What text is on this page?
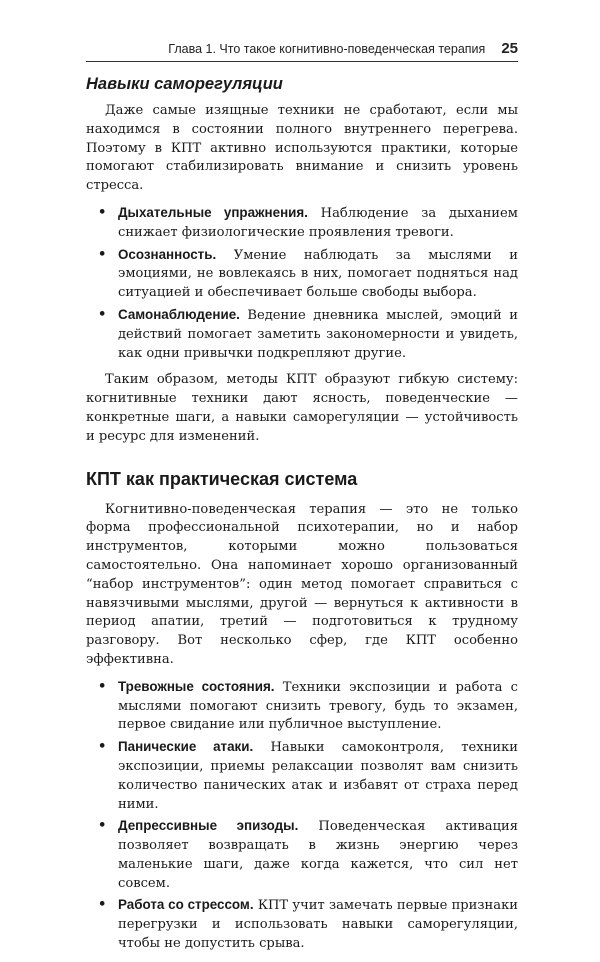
Глава 1. Что такое когнитивно-поведенческая терапия 25
Навыки саморегуляции

Даже самые изящные техники не сработают, если мы находимся в состоянии полного внутреннего перегрева. Поэтому в КПТ активно используются практики, которые помогают стабилизировать внимание и снизить уровень стресса.

• Дыхательные упражнения. Наблюдение за дыханием снижает физиологические проявления тревоги.
• Осознанность. Умение наблюдать за мыслями и эмоциями, не вовлекаясь в них, помогает подняться над ситуацией и обеспечивает больше свободы выбора.
• Самонаблюдение. Ведение дневника мыслей, эмоций и действий помогает заметить закономерности и увидеть, как одни привычки подкрепляют другие.

Таким образом, методы КПТ образуют гибкую систему: когнитивные техники дают ясность, поведенческие — конкретные шаги, а навыки саморегуляции — устойчивость и ресурс для изменений.

КПТ как практическая система

Когнитивно-поведенческая терапия — это не только форма профессиональной психотерапии, но и набор инструментов, которыми можно пользоваться самостоятельно. Она напоминает хорошо организованный “набор инструментов”: один метод помогает справиться с навязчивыми мыслями, другой — вернуться к активности в период апатии, третий — подготовиться к трудному разговору. Вот несколько сфер, где КПТ особенно эффективна.

• Тревожные состояния. Техники экспозиции и работа с мыслями помогают снизить тревогу, будь то экзамен, первое свидание или публичное выступление.
• Панические атаки. Навыки самоконтроля, техники экспозиции, приемы релаксации позволят вам снизить количество панических атак и избавят от страха перед ними.
• Депрессивные эпизоды. Поведенческая активация позволяет возвращать в жизнь энергию через маленькие шаги, даже когда кажется, что сил нет совсем.
• Работа со стрессом. КПТ учит замечать первые признаки перегрузки и использовать навыки саморегуляции, чтобы не допустить срыва.
